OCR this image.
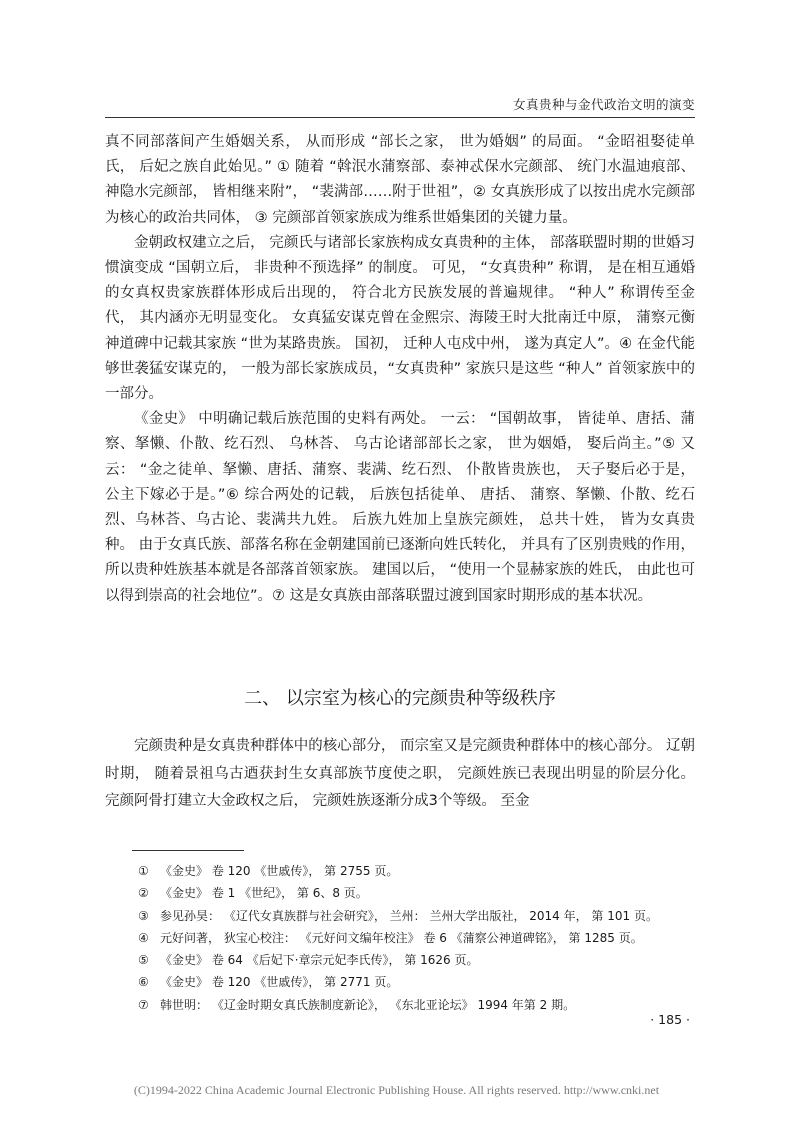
女真贵种与金代政治文明的演变

真不同部落间产生婚姻关系， 从而形成 “部长之家， 世为婚姻” 的局面。 “金昭祖娶徒单氏， 后妃之族自此始见。” ① 随着 “斡泯水蒲察部、泰神忒保水完颜部、 统门水温迪痕部、神隐水完颜部， 皆相继来附”， “裴满部……附于世祖”，② 女真族形成了以按出虎水完颜部为核心的政治共同体， ③ 完颜部首领家族成为维系世婚集团的关键力量。

金朝政权建立之后， 完颜氏与诸部长家族构成女真贵种的主体， 部落联盟时期的世婚习惯演变成 “国朝立后， 非贵种不预选择” 的制度。 可见， “女真贵种” 称谓， 是在相互通婚的女真权贵家族群体形成后出现的， 符合北方民族发展的普遍规律。 “种人” 称谓传至金代， 其内涵亦无明显变化。 女真猛安谋克曾在金熙宗、海陵王时大批南迁中原， 蒲察元衡神道碑中记载其家族 “世为某路贵族。 国初， 迁种人屯戍中州， 遂为真定人”。④ 在金代能够世袭猛安谋克的， 一般为部长家族成员，“女真贵种” 家族只是这些 “种人” 首领家族中的一部分。

《金史》 中明确记载后族范围的史料有两处。 一云： “国朝故事， 皆徒单、唐括、蒲察、拏懒、仆散、纥石烈、 乌林荅、 乌古论诸部部长之家， 世为姻婚， 娶后尚主。”⑤ 又云： “金之徒单、拏懒、唐括、蒲察、裴满、纥石烈、 仆散皆贵族也， 天子娶后必于是， 公主下嫁必于是。”⑥ 综合两处的记载， 后族包括徒单、 唐括、 蒲察、拏懒、仆散、纥石烈、乌林荅、乌古论、裴满共九姓。 后族九姓加上皇族完颜姓， 总共十姓， 皆为女真贵种。 由于女真氏族、部落名称在金朝建国前已逐渐向姓氏转化， 并具有了区别贵贱的作用， 所以贵种姓族基本就是各部落首领家族。 建国以后， “使用一个显赫家族的姓氏， 由此也可以得到崇高的社会地位”。⑦ 这是女真族由部落联盟过渡到国家时期形成的基本状况。

二、 以宗室为核心的完颜贵种等级秩序

完颜贵种是女真贵种群体中的核心部分， 而宗室又是完颜贵种群体中的核心部分。 辽朝时期， 随着景祖乌古迺获封生女真部族节度使之职， 完颜姓族已表现出明显的阶层分化。 完颜阿骨打建立大金政权之后， 完颜姓族逐渐分成3个等级。 至金

① 《金史》 卷 120 《世戚传》， 第 2755 页。
② 《金史》 卷 1 《世纪》， 第 6、8 页。
③ 参见孙昊： 《辽代女真族群与社会研究》， 兰州： 兰州大学出版社， 2014 年， 第 101 页。
④ 元好问著， 狄宝心校注： 《元好问文编年校注》 卷 6 《蒲察公神道碑铭》， 第 1285 页。
⑤ 《金史》 卷 64 《后妃下·章宗元妃李氏传》， 第 1626 页。
⑥ 《金史》 卷 120 《世戚传》， 第 2771 页。
⑦ 韩世明： 《辽金时期女真氏族制度新论》， 《东北亚论坛》 1994 年第 2 期。
· 185 ·
(C)1994-2022 China Academic Journal Electronic Publishing House. All rights reserved. http://www.cnki.net
